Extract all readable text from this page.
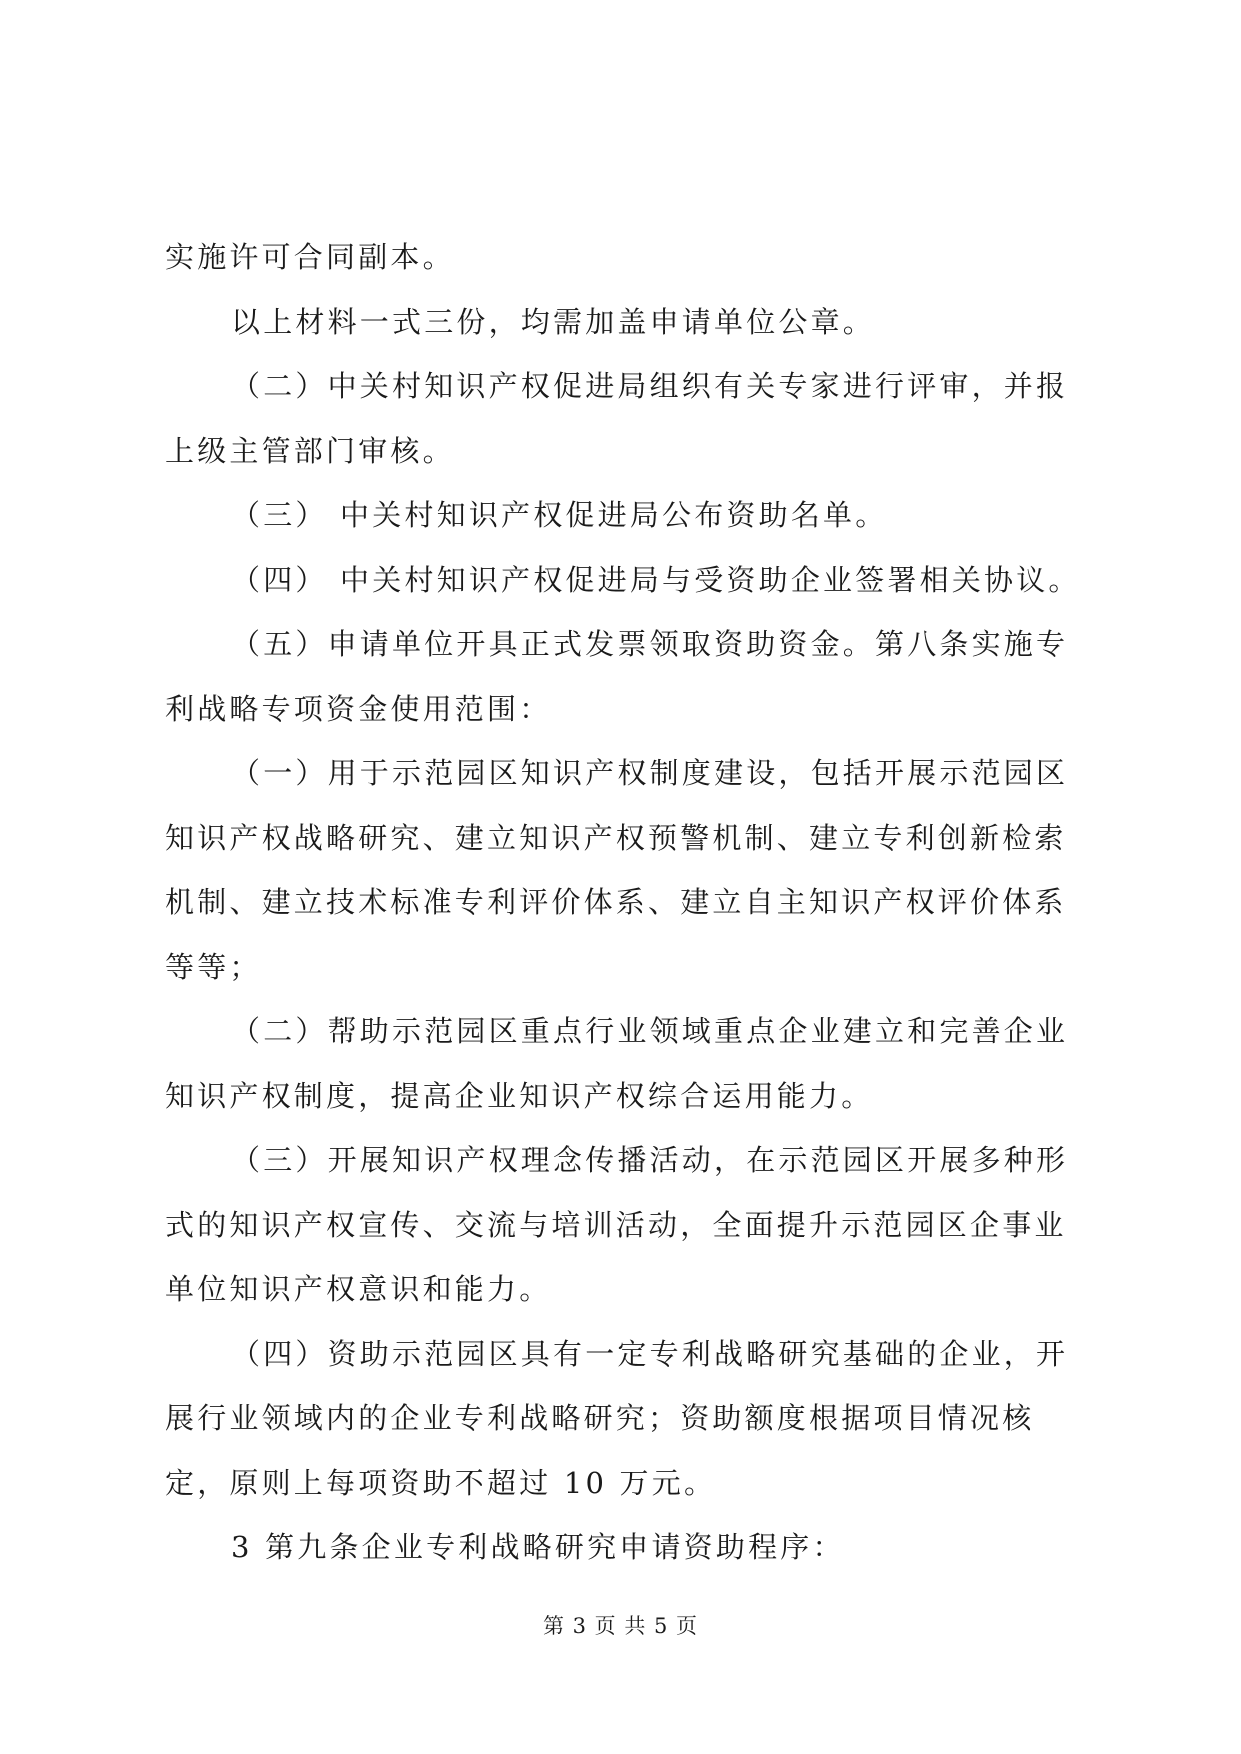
实施许可合同副本。

以上材料一式三份，均需加盖申请单位公章。

（二）中关村知识产权促进局组织有关专家进行评审，并报上级主管部门审核。

（三） 中关村知识产权促进局公布资助名单。

（四） 中关村知识产权促进局与受资助企业签署相关协议。

（五）申请单位开具正式发票领取资助资金。第八条实施专利战略专项资金使用范围：

（一）用于示范园区知识产权制度建设，包括开展示范园区知识产权战略研究、建立知识产权预警机制、建立专利创新检索机制、建立技术标准专利评价体系、建立自主知识产权评价体系等等；

（二）帮助示范园区重点行业领域重点企业建立和完善企业知识产权制度，提高企业知识产权综合运用能力。

（三）开展知识产权理念传播活动，在示范园区开展多种形式的知识产权宣传、交流与培训活动，全面提升示范园区企事业单位知识产权意识和能力。

（四）资助示范园区具有一定专利战略研究基础的企业，开展行业领域内的企业专利战略研究；资助额度根据项目情况核定，原则上每项资助不超过 10 万元。

3 第九条企业专利战略研究申请资助程序：

第 3 页 共 5 页
